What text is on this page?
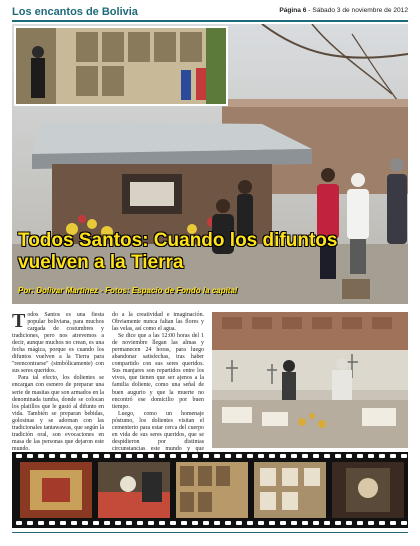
Los encantos de Bolivia	Página 6 - Sábado 3 de noviembre de 2012
Todos Santos: Cuando los difuntos vuelven a la Tierra
Por: Dolivar Martinez - Fotos: Espacio de Fondo la capital

Todos Santos es una fiesta popular boliviana, para muchos cargada de costumbres y tradiciones, pero nos atrevemos a decir, aunque muchos no crean, es una fecha mágica, porque es cuando los difuntos vuelven a la Tierra para "reencontrarse" (simbólicamente) con sus seres queridos.

Para tal efecto, los dolientes se encargan con esmero de preparar una serie de masitas que son armados en la denominada tumba, donde se colocan los platillos que le gustó al difunto en vida. También se preparan bebidas, golosinas y se adornan con las tradicionales tantawawas, que según la tradición oral, son evocaciones en masa de las personas que dejaron este mundo.

do a la creatividad e imaginación. Obviamente nunca faltan las flores y las velas, así como el agua.

Se dice que a las 12:00 horas del 1 de noviembre llegan las almas y permanecen 24 horas, para luego abandonar satisfechas, tras haber compartido con sus seres queridos. Sus manjares son repartidos entre los vivos, que tienen que ser ajenos a la familia doliente, como una señal de buen augurio y que la muerte no encontró ese domicilio por buen tiempo.

Luego, como un homenaje póstumo, los dolientes visitan el cementerio para estar cerca del cuerpo en vida de sus seres queridos, que se despidieron por distintas circunstancias este mundo y que
